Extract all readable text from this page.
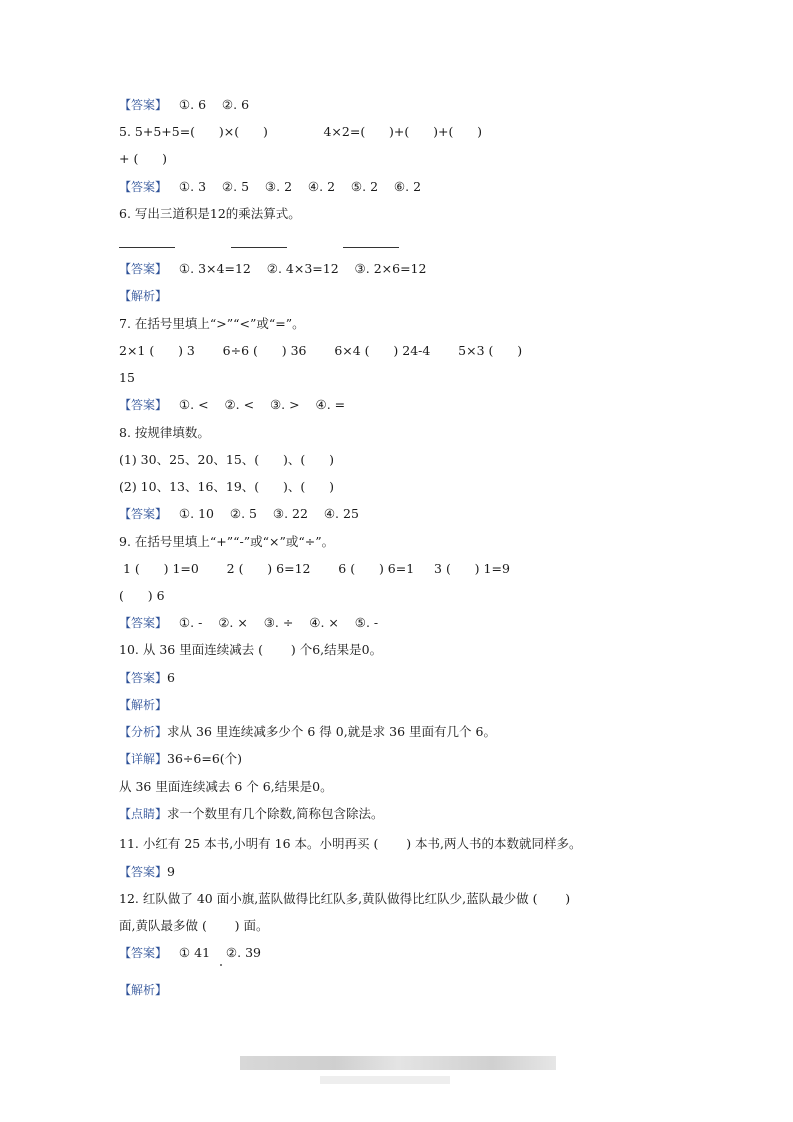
【答案】   ①. 6    ②. 6
5. 5+5+5=(      )×(      )              4×2=(      )+(      )+(      )
+ (      )
【答案】   ①. 3    ②. 5    ③. 2    ④. 2    ⑤. 2    ⑥. 2
6. 写出三道积是12的乘法算式。
【答案】   ①. 3×4=12    ②. 4×3=12    ③. 2×6=12
【解析】
7. 在括号里填上“>”“<”或“=”。
2×1 (      ) 3       6÷6 (      ) 36       6×4 (      ) 24-4       5×3 (      )
15
【答案】   ①. <    ②. <    ③. >    ④. =
8. 按规律填数。
(1) 30、25、20、15、(      )、(      )
(2) 10、13、16、19、(      )、(      )
【答案】   ①. 10    ②. 5    ③. 22    ④. 25
9. 在括号里填上“+”“-”或“×”或“÷”。
1 (      ) 1=0       2 (      ) 6=12       6 (      ) 6=1     3 (      ) 1=9
(      ) 6
【答案】   ①. -    ②. ×    ③. ÷    ④. ×    ⑤. -
10. 从 36 里面连续减去 (       ) 个6,结果是0。
【答案】6
【解析】
【分析】求从 36 里连续减多少个 6 得 0,就是求 36 里面有几个 6。
【详解】36÷6=6(个)
从 36 里面连续减去 6 个 6,结果是0。
【点睛】求一个数里有几个除数,简称包含除法。
11. 小红有 25 本书,小明有 16 本。小明再买 (       ) 本书,两人书的本数就同样多。
【答案】9
12. 红队做了 40 面小旗,蓝队做得比红队多,黄队做得比红队少,蓝队最少做 (       )
面,黄队最多做 (       ) 面。
【答案】   ① 41    ②. 39
【解析】
